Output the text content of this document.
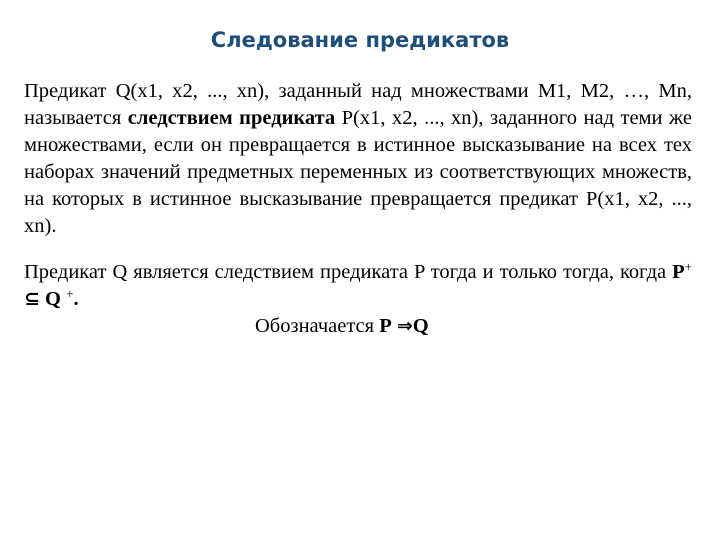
Следование предикатов

Предикат Q(x1, x2, ..., xn), заданный над множествами M1, M2, …, Mn, называется следствием предиката P(x1, x2, ..., xn), заданного над теми же множествами, если он превращается в истинное высказывание на всех тех наборах значений предметных переменных из соответствующих множеств, на которых в истинное высказывание превращается предикат P(x1, x2, ..., xn).

Предикат Q является следствием предиката P тогда и только тогда, когда P+ ⊆ Q +.

Обозначается P ⇒Q
